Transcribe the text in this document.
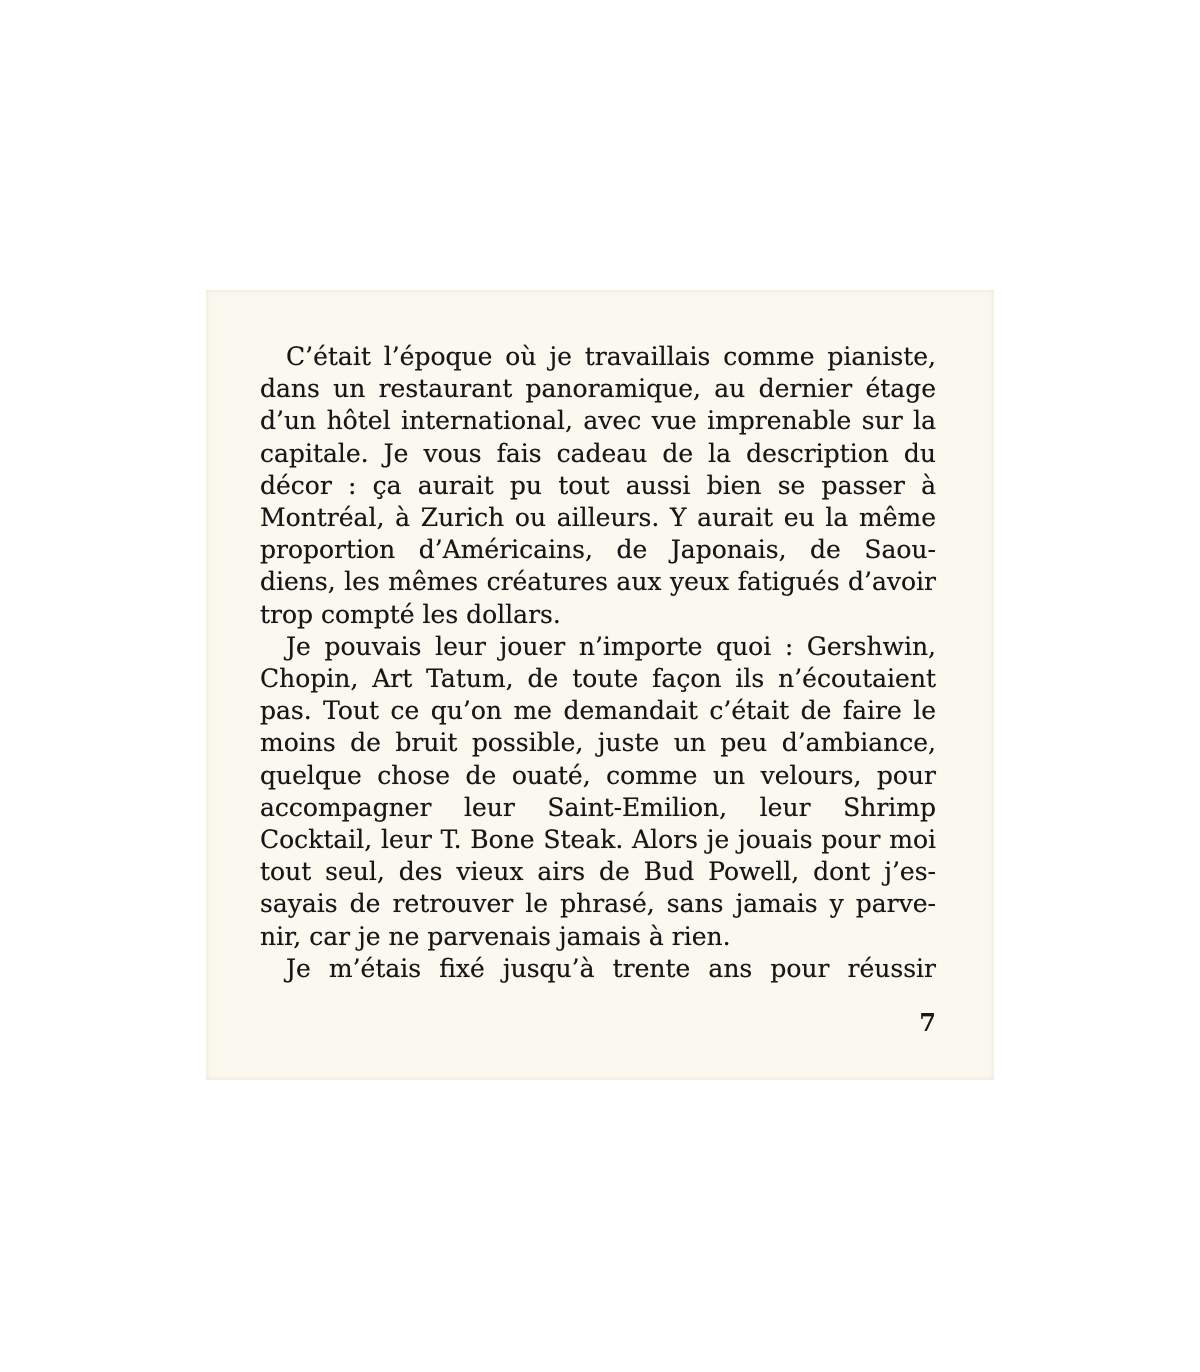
C’était l’époque où je travaillais comme pianiste,
dans un restaurant panoramique, au dernier étage
d’un hôtel international, avec vue imprenable sur la
capitale. Je vous fais cadeau de la description du
décor : ça aurait pu tout aussi bien se passer à
Montréal, à Zurich ou ailleurs. Y aurait eu la même
proportion d’Américains, de Japonais, de Saou-
diens, les mêmes créatures aux yeux fatigués d’avoir
trop compté les dollars.
Je pouvais leur jouer n’importe quoi : Gershwin,
Chopin, Art Tatum, de toute façon ils n’écoutaient
pas. Tout ce qu’on me demandait c’était de faire le
moins de bruit possible, juste un peu d’ambiance,
quelque chose de ouaté, comme un velours, pour
accompagner leur Saint-Emilion, leur Shrimp
Cocktail, leur T. Bone Steak. Alors je jouais pour moi
tout seul, des vieux airs de Bud Powell, dont j’es-
sayais de retrouver le phrasé, sans jamais y parve-
nir, car je ne parvenais jamais à rien.
Je m’étais fixé jusqu’à trente ans pour réussir
7
